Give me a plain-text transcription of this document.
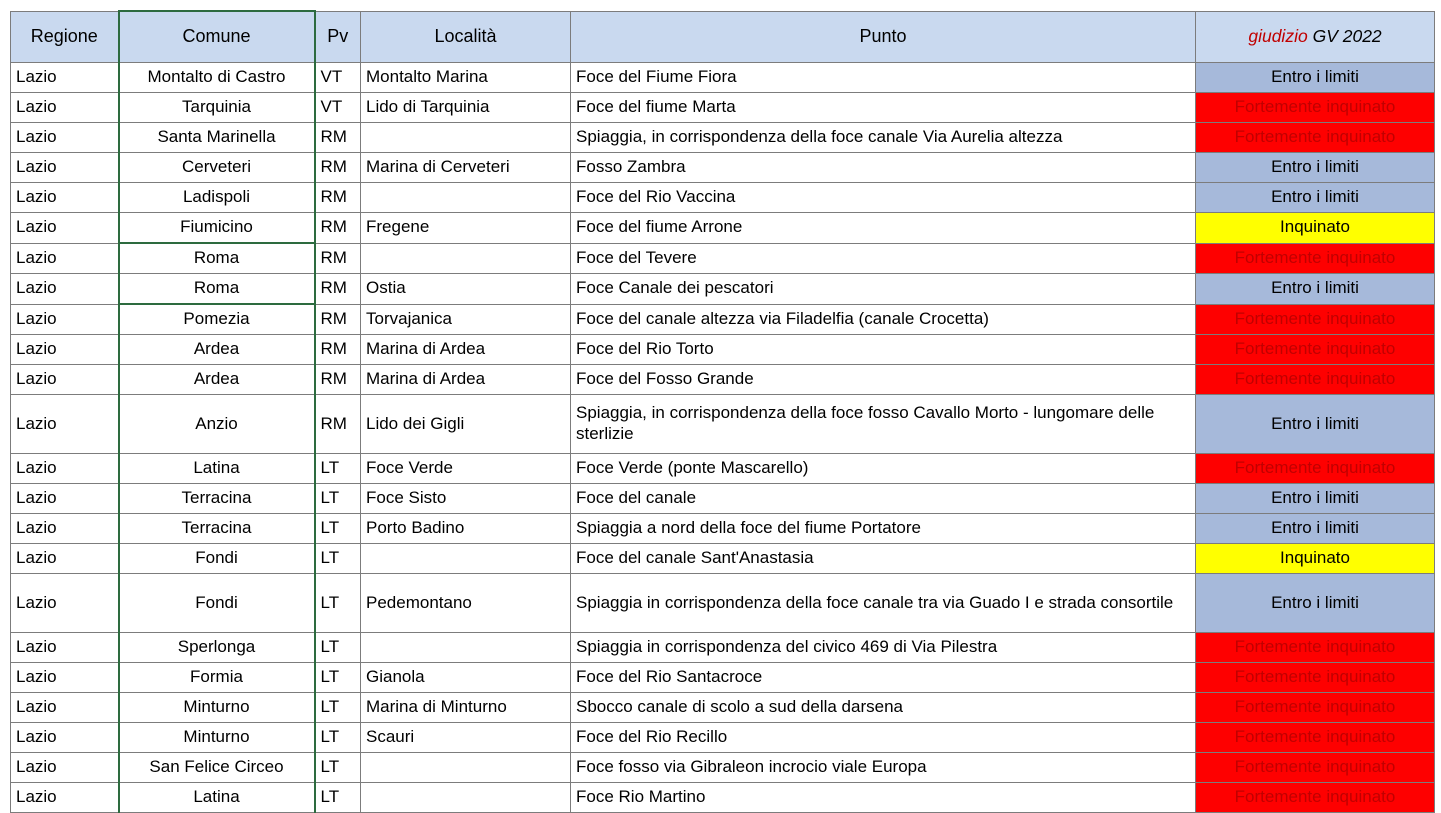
Regione	Comune	Pv	Località	Punto	giudizio GV 2022
Lazio	Montalto di Castro	VT	Montalto Marina	Foce del Fiume Fiora	Entro i limiti
Lazio	Tarquinia	VT	Lido di Tarquinia	Foce del fiume Marta	Fortemente inquinato
Lazio	Santa Marinella	RM		Spiaggia, in corrispondenza della foce canale Via Aurelia altezza	Fortemente inquinato
Lazio	Cerveteri	RM	Marina di Cerveteri	Fosso Zambra	Entro i limiti
Lazio	Ladispoli	RM		Foce del Rio Vaccina	Entro i limiti
Lazio	Fiumicino	RM	Fregene	Foce del fiume Arrone	Inquinato
Lazio	Roma	RM		Foce del Tevere	Fortemente inquinato
Lazio	Roma	RM	Ostia	Foce Canale dei pescatori	Entro i limiti
Lazio	Pomezia	RM	Torvajanica	Foce del canale altezza via Filadelfia (canale Crocetta)	Fortemente inquinato
Lazio	Ardea	RM	Marina di Ardea	Foce del Rio Torto	Fortemente inquinato
Lazio	Ardea	RM	Marina di Ardea	Foce del Fosso Grande	Fortemente inquinato
Lazio	Anzio	RM	Lido dei Gigli	Spiaggia, in corrispondenza della foce fosso Cavallo Morto - lungomare delle sterlizie	Entro i limiti
Lazio	Latina	LT	Foce Verde	Foce Verde (ponte Mascarello)	Fortemente inquinato
Lazio	Terracina	LT	Foce Sisto	Foce del canale	Entro i limiti
Lazio	Terracina	LT	Porto Badino	Spiaggia a nord della foce del fiume Portatore	Entro i limiti
Lazio	Fondi	LT		Foce del canale Sant'Anastasia	Inquinato
Lazio	Fondi	LT	Pedemontano	Spiaggia in corrispondenza della foce canale tra via Guado I e strada consortile	Entro i limiti
Lazio	Sperlonga	LT		Spiaggia in corrispondenza del civico 469 di Via Pilestra	Fortemente inquinato
Lazio	Formia	LT	Gianola	Foce del Rio Santacroce	Fortemente inquinato
Lazio	Minturno	LT	Marina di Minturno	Sbocco canale di scolo a sud della darsena	Fortemente inquinato
Lazio	Minturno	LT	Scauri	Foce del Rio Recillo	Fortemente inquinato
Lazio	San Felice Circeo	LT		Foce fosso via Gibraleon incrocio viale Europa	Fortemente inquinato
Lazio	Latina	LT		Foce Rio Martino	Fortemente inquinato
